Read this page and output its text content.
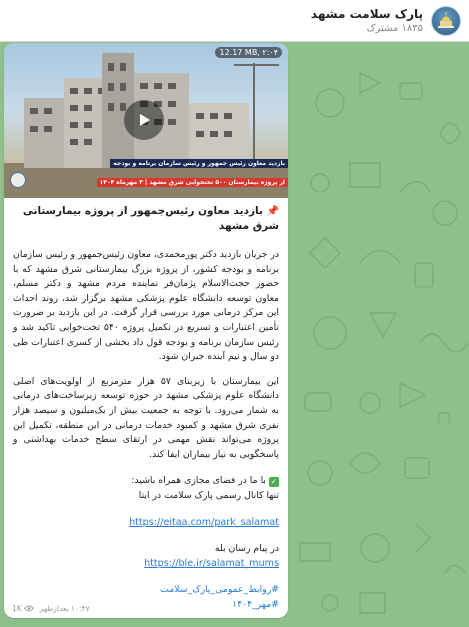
پارک سلامت مشهد
۱۸۳۵ مشترک
12.17 MB, ۲:۰۴
بازدید معاون رئیس جمهور و رئیس سازمان برنامه و بودجه
از پروژه بیمارستان ۵۰۰ تختخوابی شرق مشهد | ۳ مهرماه ۱۴۰۴
📌 بازدید معاون رئیس‌جمهور از پروژه بیمارستانی شرق مشهد
در جریان بازدید دکتر پورمحمدی، معاون رئیس‌جمهور و رئیس سازمان برنامه و بودجه کشور، از پروژه بزرگ بیمارستانی شرق مشهد که با حضور حجت‌الاسلام پژمان‌فر نماینده مردم مشهد و دکتر مسلم، معاون توسعه دانشگاه علوم پزشکی مشهد برگزار شد، روند احداث این مرکز درمانی مورد بررسی قرار گرفت. در این بازدید بر ضرورت تأمین اعتبارات و تسریع در تکمیل پروژه ۵۴۰ تخت‌خوابی تاکید شد و رئیس سازمان برنامه و بودجه قول داد بخشی از کسری اعتبارات طی دو سال و نیم آینده جبران شود.
این بیمارستان با زیربنای ۵۷ هزار مترمربع از اولویت‌های اصلی دانشگاه علوم پزشکی مشهد در حوزه توسعه زیرساخت‌های درمانی به شمار می‌رود. با توجه به جمعیت بیش از یک‌میلیون و سیصد هزار نفری شرق مشهد و کمبود خدمات درمانی در این منطقه، تکمیل این پروژه می‌تواند نقش مهمی در ارتقای سطح خدمات بهداشتی و پاسخگویی به نیاز بیماران ایفا کند.
✓با ما در فضای مجازی همراه باشید:
تنها کانال رسمی پارک سلامت در ایتا
https://eitaa.com/park_salamat
در پیام رسان بله
https://ble.ir/salamat_mums
#روابط_عمومی_پارک_سلامت
#مهر_۱۴۰۴
1K ۱۰:۴۷ بعدازظهر
